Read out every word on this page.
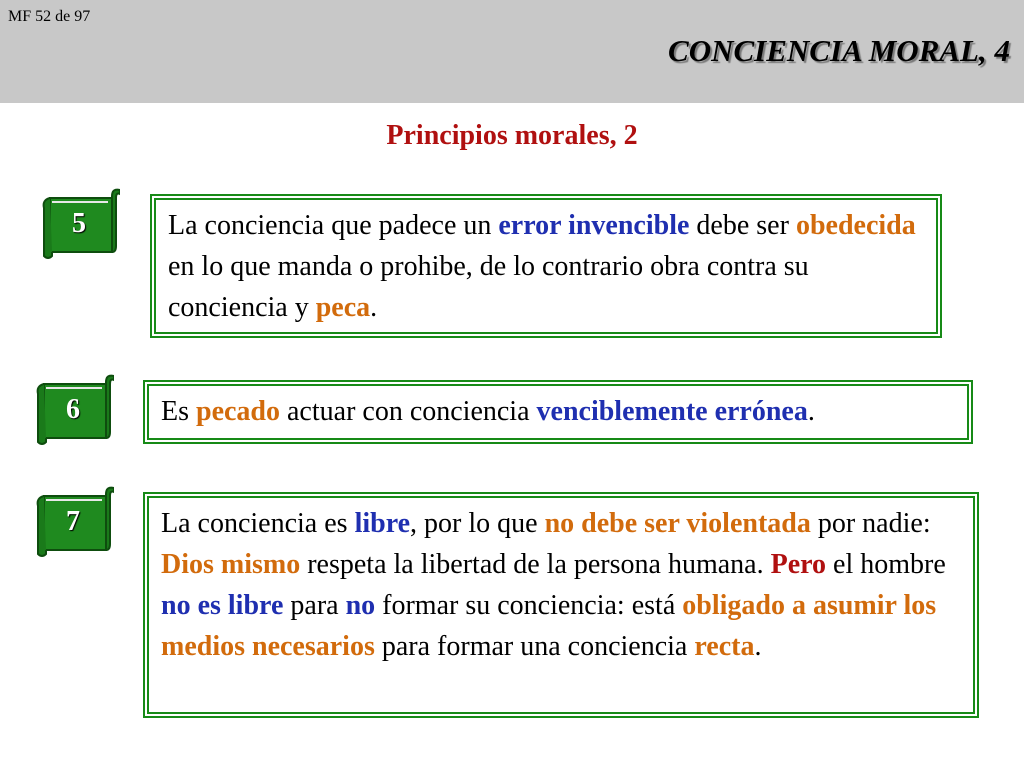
MF 52 de 97
CONCIENCIA MORAL, 4
Principios morales, 2
5	La conciencia que padece un error invencible debe ser obedecida en lo que manda o prohibe, de lo contrario obra contra su conciencia y peca.
6	Es pecado actuar con conciencia venciblemente errónea.
7	La conciencia es libre, por lo que no debe ser violentada por nadie: Dios mismo respeta la libertad de la persona humana. Pero el hombre no es libre para no formar su conciencia: está obligado a asumir los medios necesarios para formar una conciencia recta.
